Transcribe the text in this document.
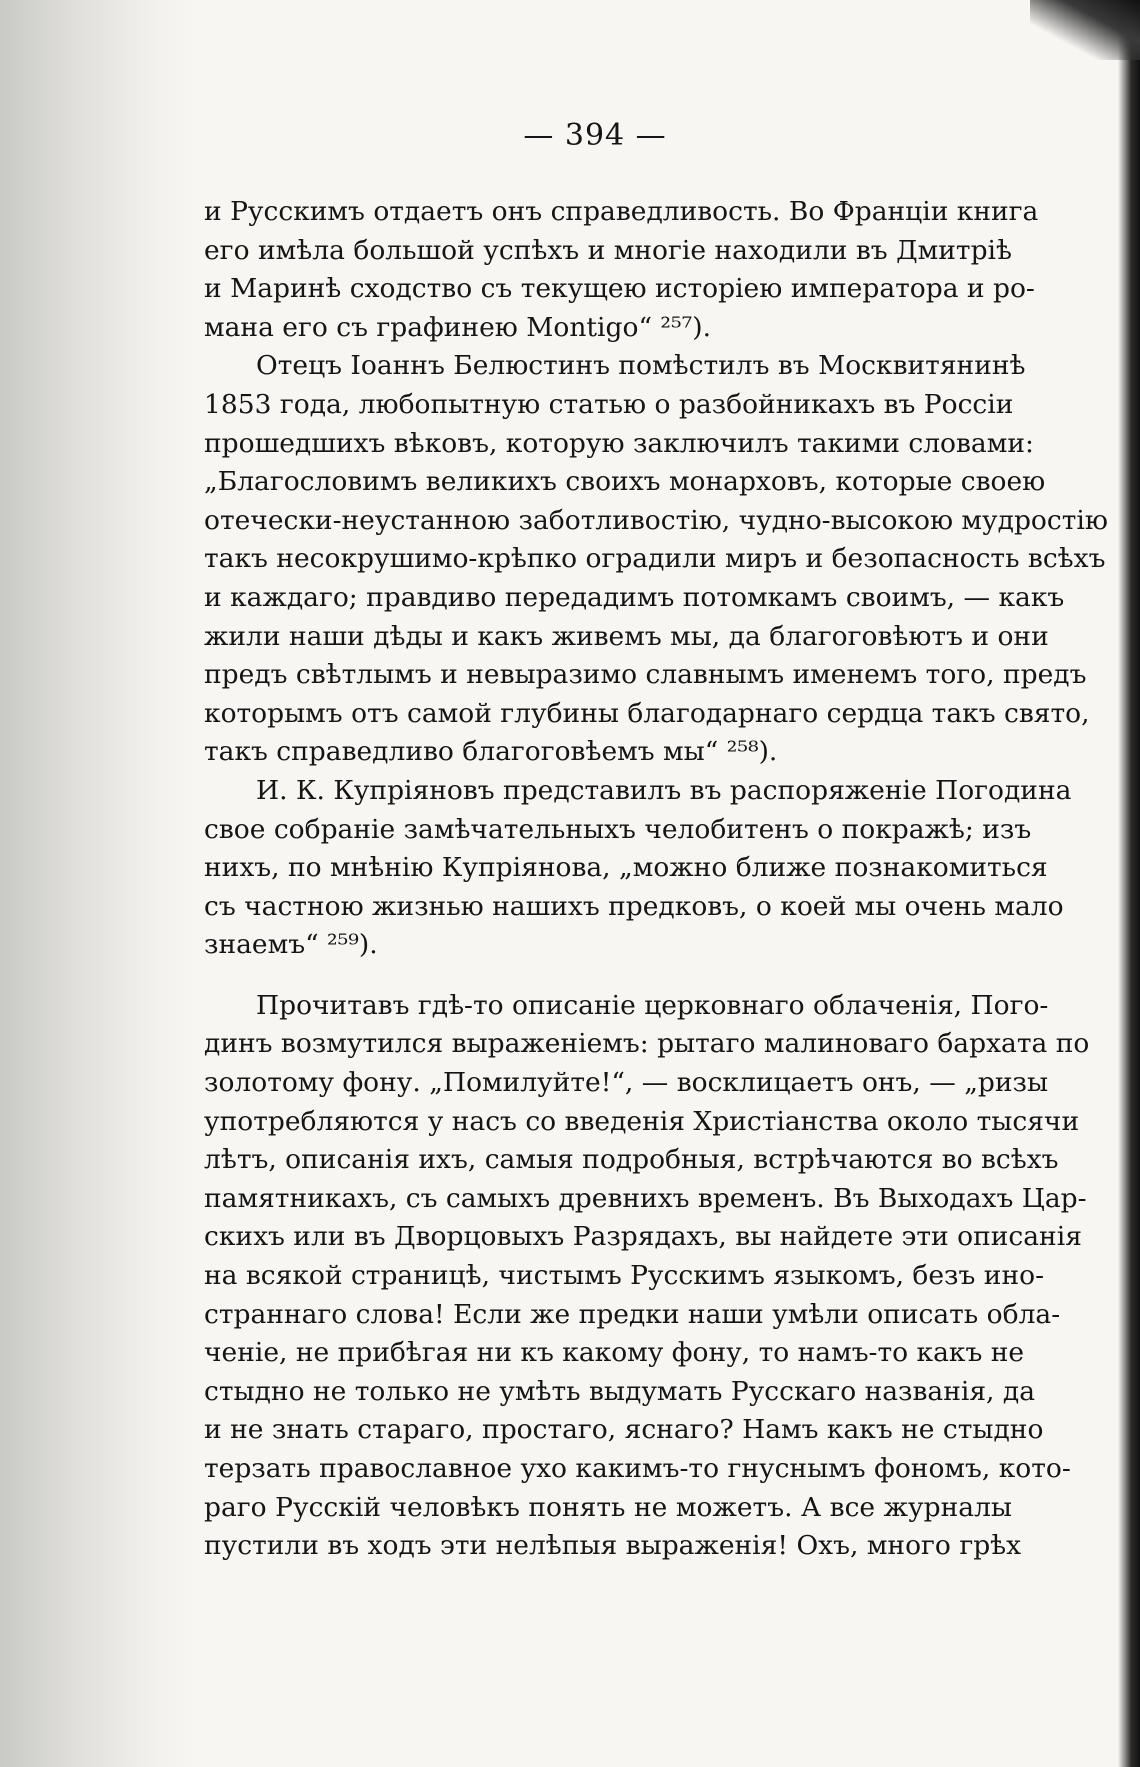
— 394 —
и Русскимъ отдаетъ онъ справедливость. Во Франціи книга
его имѣла большой успѣхъ и многіе находили въ Дмитріѣ
и Маринѣ сходство съ текущею исторіею императора и ро-
мана его съ графинею Montigo“ ²⁵⁷).
Отецъ Іоаннъ Белюстинъ помѣстилъ въ Москвитянинѣ
1853 года, любопытную статью о разбойникахъ въ Россіи
прошедшихъ вѣковъ, которую заключилъ такими словами:
„Благословимъ великихъ своихъ монарховъ, которые своею
отечески-неустанною заботливостію, чудно-высокою мудростію
такъ несокрушимо-крѣпко оградили миръ и безопасность всѣхъ
и каждаго; правдиво передадимъ потомкамъ своимъ, — какъ
жили наши дѣды и какъ живемъ мы, да благоговѣютъ и они
предъ свѣтлымъ и невыразимо славнымъ именемъ того, предъ
которымъ отъ самой глубины благодарнаго сердца такъ свято,
такъ справедливо благоговѣемъ мы“ ²⁵⁸).
И. К. Купріяновъ представилъ въ распоряженіе Погодина
свое собраніе замѣчательныхъ челобитенъ о покражѣ; изъ
нихъ, по мнѣнію Купріянова, „можно ближе познакомиться
съ частною жизнью нашихъ предковъ, о коей мы очень мало
знаемъ“ ²⁵⁹).
Прочитавъ гдѣ-то описаніе церковнаго облаченія, Пого-
динъ возмутился выраженіемъ: рытаго малиноваго бархата по
золотому фону. „Помилуйте!“, — восклицаетъ онъ, — „ризы
употребляются у насъ со введенія Христіанства около тысячи
лѣтъ, описанія ихъ, самыя подробныя, встрѣчаются во всѣхъ
памятникахъ, съ самыхъ древнихъ временъ. Въ Выходахъ Цар-
скихъ или въ Дворцовыхъ Разрядахъ, вы найдете эти описанія
на всякой страницѣ, чистымъ Русскимъ языкомъ, безъ ино-
страннаго слова! Если же предки наши умѣли описать обла-
ченіе, не прибѣгая ни къ какому фону, то намъ-то какъ не
стыдно не только не умѣть выдумать Русскаго названія, да
и не знать стараго, простаго, яснаго? Намъ какъ не стыдно
терзать православное ухо какимъ-то гнуснымъ фономъ, кото-
раго Русскій человѣкъ понять не можетъ. А все журналы
пустили въ ходъ эти нелѣпыя выраженія! Охъ, много грѣх
